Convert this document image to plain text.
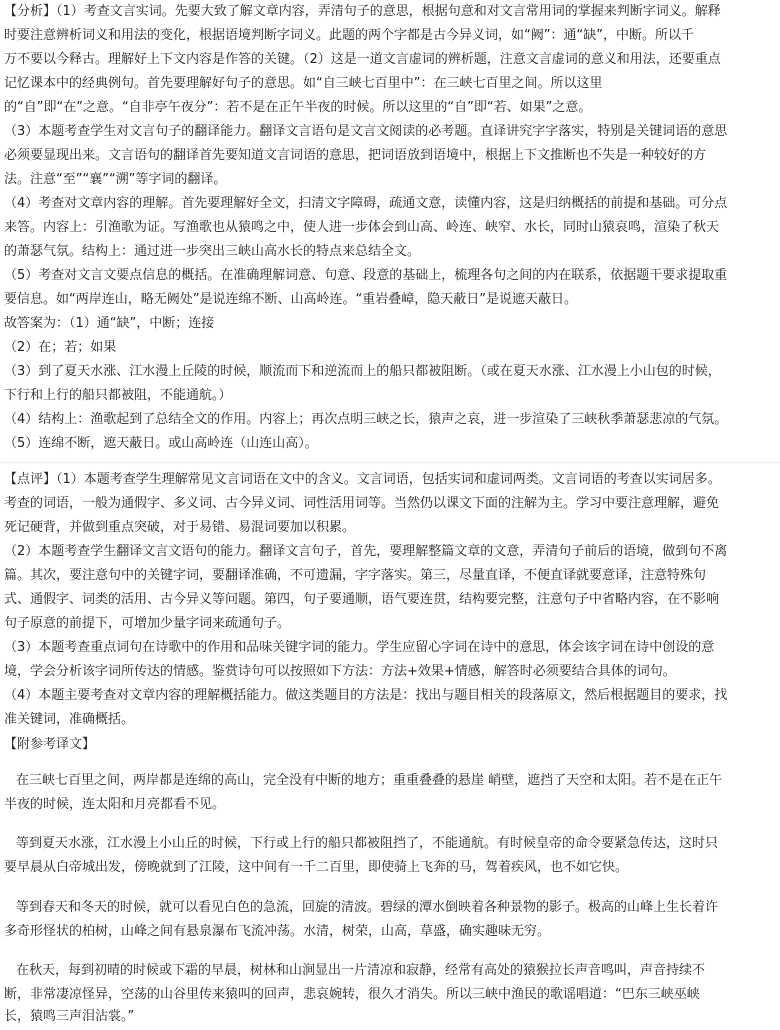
【分析】（1）考查文言实词。先要大致了解文章内容，弄清句子的意思，根据句意和对文言常用词的掌握来判断字词义。解释
时要注意辨析词义和用法的变化，根据语境判断字词义。此题的两个字都是古今异义词，如“阙”：通“缺”，中断。所以千
万不要以今释古。理解好上下文内容是作答的关键。（2）这是一道文言虚词的辨析题，注意文言虚词的意义和用法，还要重点
记忆课本中的经典例句。首先要理解好句子的意思。如“自三峡七百里中”：在三峡七百里之间。所以这里
的“自”即“在”之意。“自非亭午夜分”：若不是在正午半夜的时候。所以这里的“自”即“若、如果”之意。
（3）本题考查学生对文言句子的翻译能力。翻译文言语句是文言文阅读的必考题。直译讲究字字落实，特别是关键词语的意思
必须要显现出来。文言语句的翻译首先要知道文言词语的意思，把词语放到语境中，根据上下文推断也不失是一种较好的方
法。注意“至”“襄”“溯”等字词的翻译。
（4）考查对文章内容的理解。首先要理解好全文，扫清文字障碍，疏通文意，读懂内容，这是归纳概括的前提和基础。可分点
来答。内容上：引渔歌为证。写渔歌也从猿鸣之中，使人进一步体会到山高、岭连、峡窄、水长，同时山猿哀鸣，渲染了秋天
的萧瑟气氛。结构上：通过进一步突出三峡山高水长的特点来总结全文。
（5）考查对文言文要点信息的概括。在准确理解词意、句意、段意的基础上，梳理各句之间的内在联系，依据题干要求提取重
要信息。如“两岸连山，略无阙处”是说连绵不断、山高岭连。“重岩叠嶂，隐天蔽日”是说遮天蔽日。
故答案为：（1）通“缺”，中断；连接
（2）在；若；如果
（3）到了夏天水涨、江水漫上丘陵的时候，顺流而下和逆流而上的船只都被阻断。（或在夏天水涨、江水漫上小山包的时候，
下行和上行的船只都被阻，不能通航。）
（4）结构上：渔歌起到了总结全文的作用。内容上；再次点明三峡之长，猿声之哀，进一步渲染了三峡秋季萧瑟悲凉的气氛。
（5）连绵不断，遮天蔽日。或山高岭连（山连山高）。
【点评】（1）本题考查学生理解常见文言词语在文中的含义。文言词语，包括实词和虚词两类。文言词语的考查以实词居多。
考查的词语，一般为通假字、多义词、古今异义词、词性活用词等。当然仍以课文下面的注解为主。学习中要注意理解，避免
死记硬背，并做到重点突破，对于易错、易混词要加以积累。
（2）本题考查学生翻译文言文语句的能力。翻译文言句子，首先，要理解整篇文章的文意，弄清句子前后的语境，做到句不离
篇。其次，要注意句中的关键字词，要翻译准确，不可遗漏，字字落实。第三，尽量直译，不便直译就要意译，注意特殊句
式、通假字、词类的活用、古今异义等问题。第四，句子要通顺，语气要连贯，结构要完整，注意句子中省略内容，在不影响
句子原意的前提下，可增加少量字词来疏通句子。
（3）本题考查重点词句在诗歌中的作用和品味关键字词的能力。学生应留心字词在诗中的意思，体会该字词在诗中创设的意
境，学会分析该字词所传达的情感。鉴赏诗句可以按照如下方法：方法+效果+情感，解答时必须要结合具体的词句。
（4）本题主要考查对文章内容的理解概括能力。做这类题目的方法是：找出与题目相关的段落原文，然后根据题目的要求，找
准关键词，准确概括。
【附参考译文】
在三峡七百里之间，两岸都是连绵的高山，完全没有中断的地方；重重叠叠的悬崖 峭壁，遮挡了天空和太阳。若不是在正午
半夜的时候，连太阳和月亮都看不见。
等到夏天水涨，江水漫上小山丘的时候，下行或上行的船只都被阻挡了，不能通航。有时候皇帝的命令要紧急传达，这时只
要早晨从白帝城出发，傍晚就到了江陵，这中间有一千二百里，即使骑上飞奔的马，驾着疾风，也不如它快。
等到春天和冬天的时候，就可以看见白色的急流，回旋的清波。碧绿的潭水倒映着各种景物的影子。极高的山峰上生长着许
多奇形怪状的柏树，山峰之间有悬泉瀑布飞流冲荡。水清，树荣，山高，草盛，确实趣味无穷。
在秋天，每到初晴的时候或下霜的早晨，树林和山涧显出一片清凉和寂静，经常有高处的猿猴拉长声音鸣叫，声音持续不
断，非常凄凉怪异，空荡的山谷里传来猿叫的回声，悲哀婉转，很久才消失。所以三峡中渔民的歌谣唱道：“巴东三峡巫峡
长，猿鸣三声泪沾裳。”
